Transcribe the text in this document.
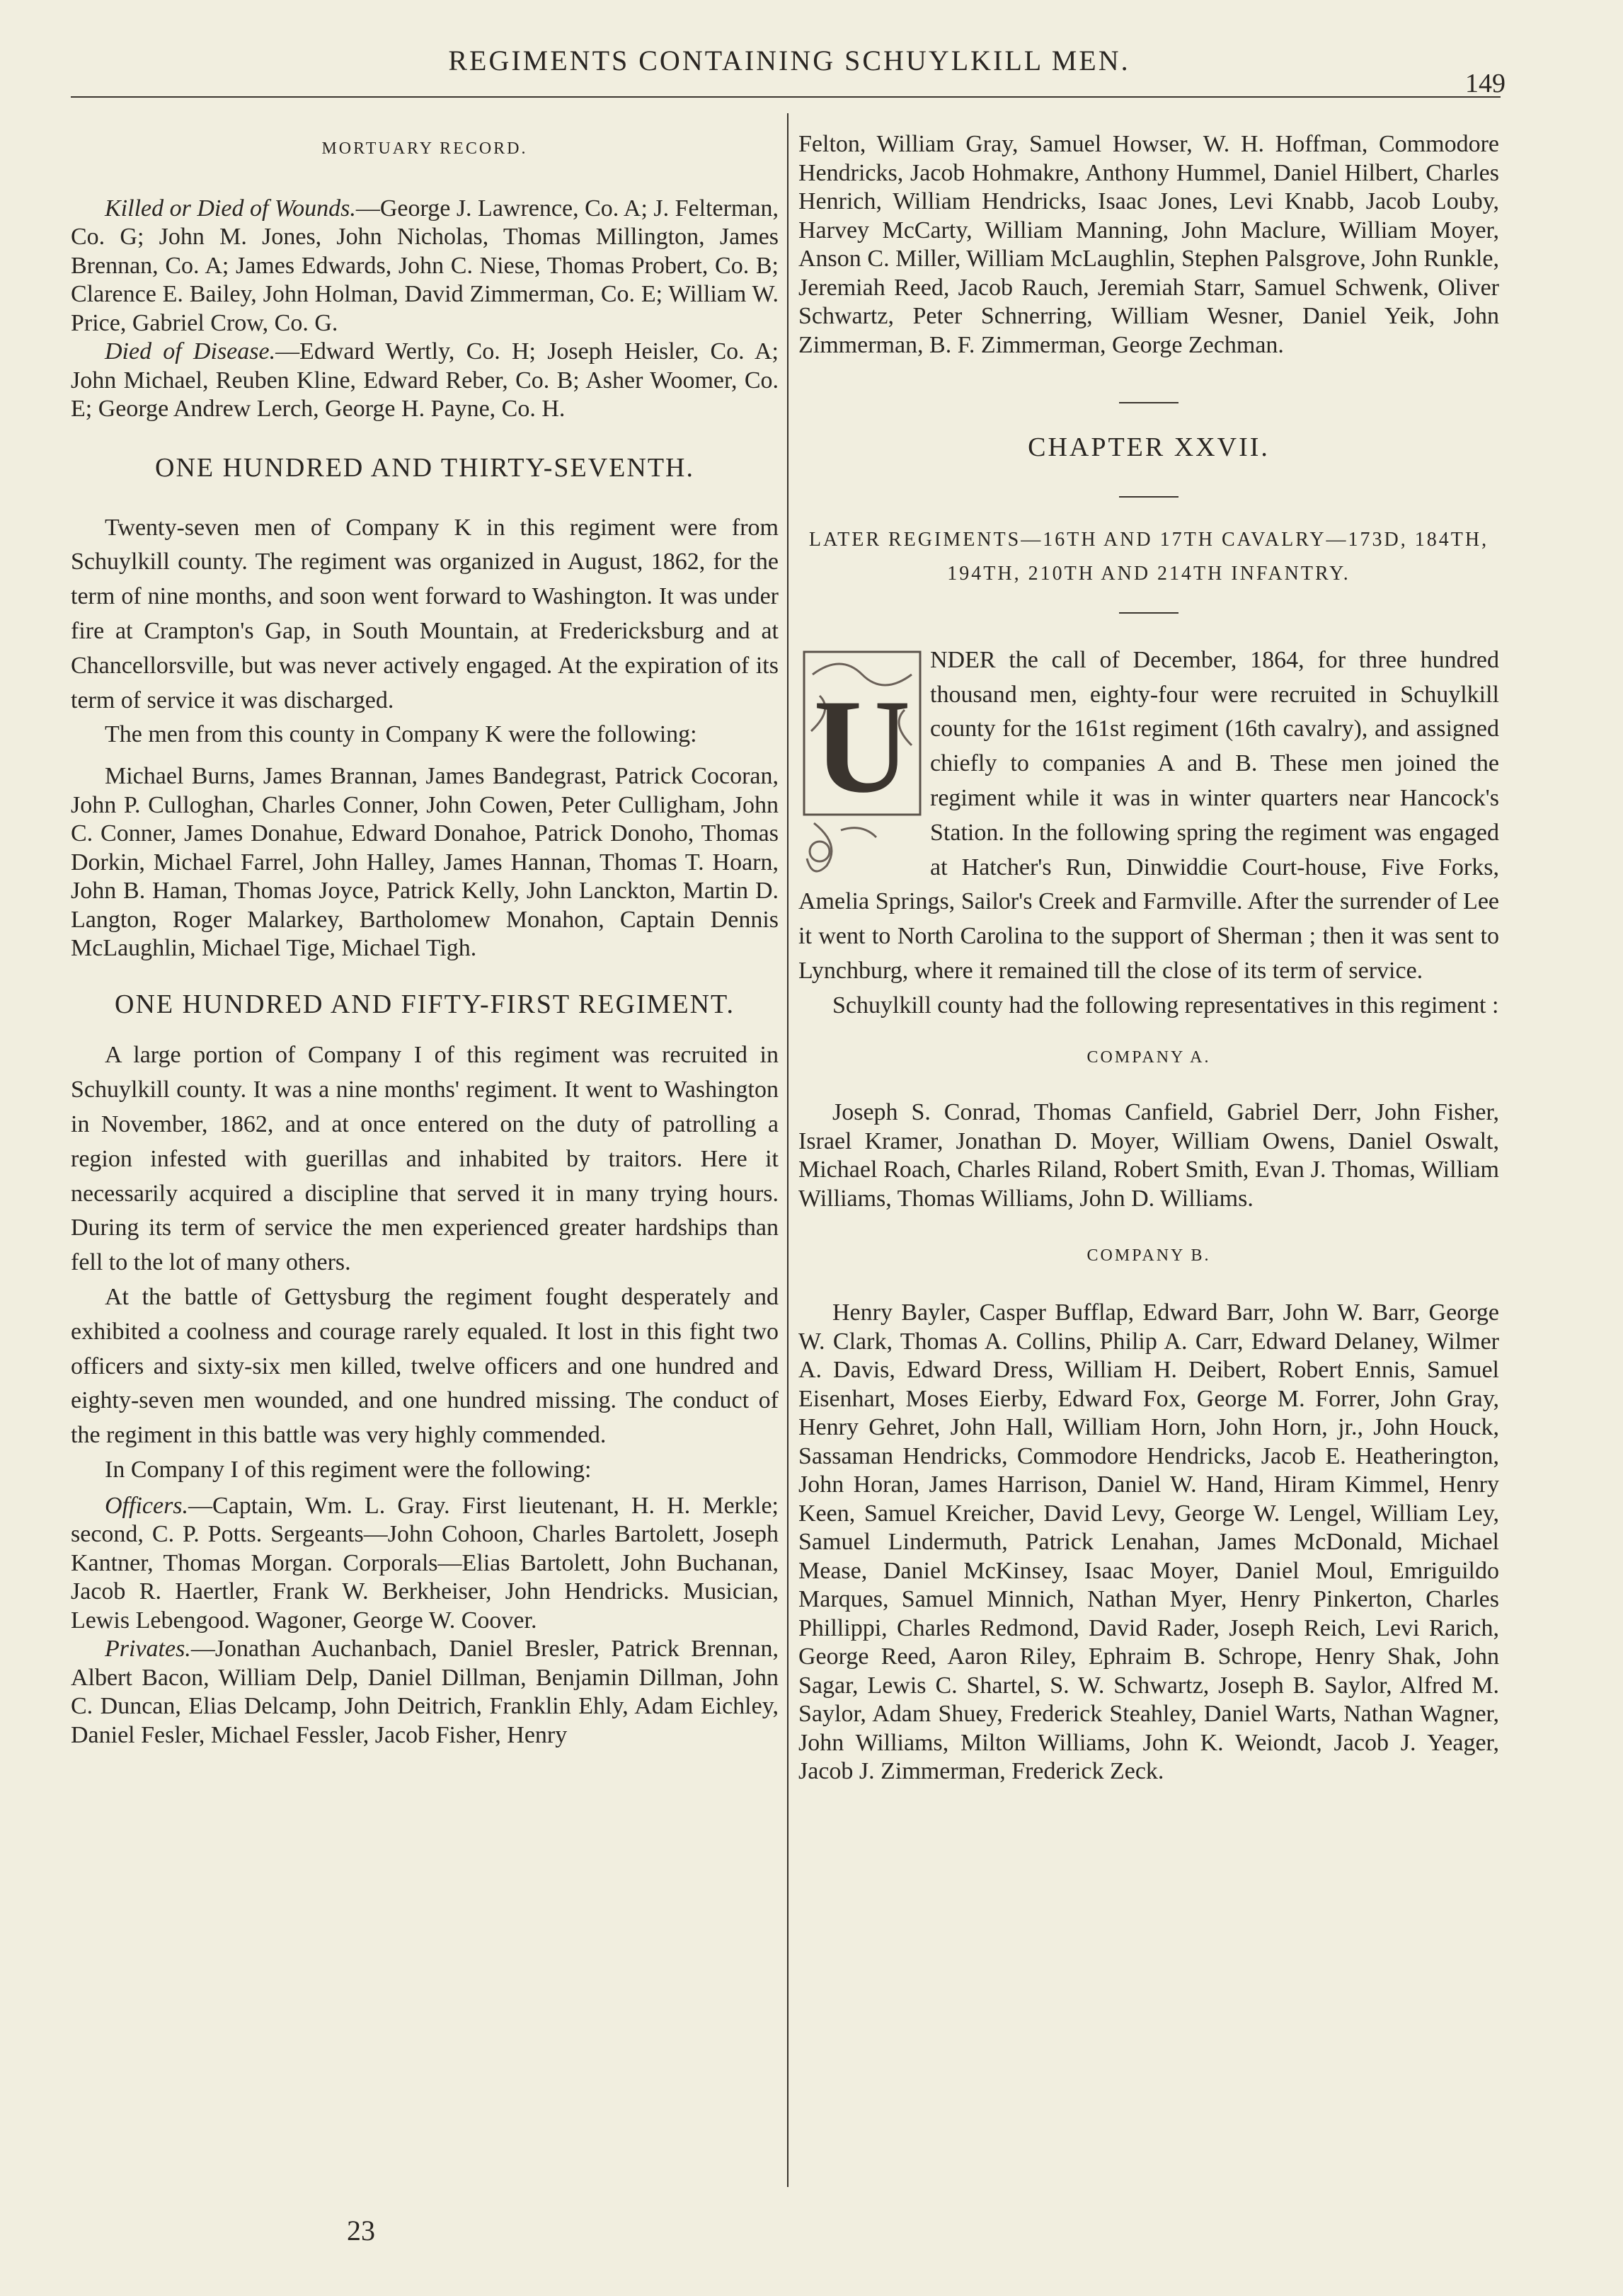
REGIMENTS CONTAINING SCHUYLKILL MEN.
149

MORTUARY RECORD.

Killed or Died of Wounds.—George J. Lawrence, Co. A; J. Felterman, Co. G; John M. Jones, John Nicholas, Thomas Millington, James Brennan, Co. A; James Edwards, John C. Niese, Thomas Probert, Co. B; Clarence E. Bailey, John Holman, David Zimmerman, Co. E; William W. Price, Gabriel Crow, Co. G.

Died of Disease.—Edward Wertly, Co. H; Joseph Heisler, Co. A; John Michael, Reuben Kline, Edward Reber, Co. B; Asher Woomer, Co. E; George Andrew Lerch, George H. Payne, Co. H.

ONE HUNDRED AND THIRTY-SEVENTH.

Twenty-seven men of Company K in this regiment were from Schuylkill county. The regiment was organized in August, 1862, for the term of nine months, and soon went forward to Washington. It was under fire at Crampton's Gap, in South Mountain, at Fredericksburg and at Chancellorsville, but was never actively engaged. At the expiration of its term of service it was discharged.

The men from this county in Company K were the following:

Michael Burns, James Brannan, James Bandegrast, Patrick Cocoran, John P. Culloghan, Charles Conner, John Cowen, Peter Culligham, John C. Conner, James Donahue, Edward Donahoe, Patrick Donoho, Thomas Dorkin, Michael Farrel, John Halley, James Hannan, Thomas T. Hoarn, John B. Haman, Thomas Joyce, Patrick Kelly, John Lanckton, Martin D. Langton, Roger Malarkey, Bartholomew Monahon, Captain Dennis McLaughlin, Michael Tige, Michael Tigh.

ONE HUNDRED AND FIFTY-FIRST REGIMENT.

A large portion of Company I of this regiment was recruited in Schuylkill county. It was a nine months' regiment. It went to Washington in November, 1862, and at once entered on the duty of patrolling a region infested with guerillas and inhabited by traitors. Here it necessarily acquired a discipline that served it in many trying hours. During its term of service the men experienced greater hardships than fell to the lot of many others.

At the battle of Gettysburg the regiment fought desperately and exhibited a coolness and courage rarely equaled. It lost in this fight two officers and sixty-six men killed, twelve officers and one hundred and eighty-seven men wounded, and one hundred missing. The conduct of the regiment in this battle was very highly commended.

In Company I of this regiment were the following:

Officers.—Captain, Wm. L. Gray. First lieutenant, H. H. Merkle; second, C. P. Potts. Sergeants—John Cohoon, Charles Bartolett, Joseph Kantner, Thomas Morgan. Corporals—Elias Bartolett, John Buchanan, Jacob R. Haertler, Frank W. Berkheiser, John Hendricks. Musician, Lewis Lebengood. Wagoner, George W. Coover.

Privates.—Jonathan Auchanbach, Daniel Bresler, Patrick Brennan, Albert Bacon, William Delp, Daniel Dillman, Benjamin Dillman, John C. Duncan, Elias Delcamp, John Deitrich, Franklin Ehly, Adam Eichley, Daniel Fesler, Michael Fessler, Jacob Fisher, Henry

Felton, William Gray, Samuel Howser, W. H. Hoffman, Commodore Hendricks, Jacob Hohmakre, Anthony Hummel, Daniel Hilbert, Charles Henrich, William Hendricks, Isaac Jones, Levi Knabb, Jacob Louby, Harvey McCarty, William Manning, John Maclure, William Moyer, Anson C. Miller, William McLaughlin, Stephen Palsgrove, John Runkle, Jeremiah Reed, Jacob Rauch, Jeremiah Starr, Samuel Schwenk, Oliver Schwartz, Peter Schnerring, William Wesner, Daniel Yeik, John Zimmerman, B. F. Zimmerman, George Zechman.

CHAPTER XXVII.

LATER REGIMENTS—16TH AND 17TH CAVALRY—173D, 184TH, 194TH, 210TH AND 214TH INFANTRY.

U

NDER the call of December, 1864, for three hundred thousand men, eighty-four were recruited in Schuylkill county for the 161st regiment (16th cavalry), and assigned chiefly to companies A and B. These men joined the regiment while it was in winter quarters near Hancock's Station. In the following spring the regiment was engaged at Hatcher's Run, Dinwiddie Court-house, Five Forks, Amelia Springs, Sailor's Creek and Farmville. After the surrender of Lee it went to North Carolina to the support of Sherman ; then it was sent to Lynchburg, where it remained till the close of its term of service.

Schuylkill county had the following representatives in this regiment :

COMPANY A.

Joseph S. Conrad, Thomas Canfield, Gabriel Derr, John Fisher, Israel Kramer, Jonathan D. Moyer, William Owens, Daniel Oswalt, Michael Roach, Charles Riland, Robert Smith, Evan J. Thomas, William Williams, Thomas Williams, John D. Williams.

COMPANY B.

Henry Bayler, Casper Bufflap, Edward Barr, John W. Barr, George W. Clark, Thomas A. Collins, Philip A. Carr, Edward Delaney, Wilmer A. Davis, Edward Dress, William H. Deibert, Robert Ennis, Samuel Eisenhart, Moses Eierby, Edward Fox, George M. Forrer, John Gray, Henry Gehret, John Hall, William Horn, John Horn, jr., John Houck, Sassaman Hendricks, Commodore Hendricks, Jacob E. Heatherington, John Horan, James Harrison, Daniel W. Hand, Hiram Kimmel, Henry Keen, Samuel Kreicher, David Levy, George W. Lengel, William Ley, Samuel Lindermuth, Patrick Lenahan, James McDonald, Michael Mease, Daniel McKinsey, Isaac Moyer, Daniel Moul, Emriguildo Marques, Samuel Minnich, Nathan Myer, Henry Pinkerton, Charles Phillippi, Charles Redmond, David Rader, Joseph Reich, Levi Rarich, George Reed, Aaron Riley, Ephraim B. Schrope, Henry Shak, John Sagar, Lewis C. Shartel, S. W. Schwartz, Joseph B. Saylor, Alfred M. Saylor, Adam Shuey, Frederick Steahley, Daniel Warts, Nathan Wagner, John Williams, Milton Williams, John K. Weiondt, Jacob J. Yeager, Jacob J. Zimmerman, Frederick Zeck.

23
